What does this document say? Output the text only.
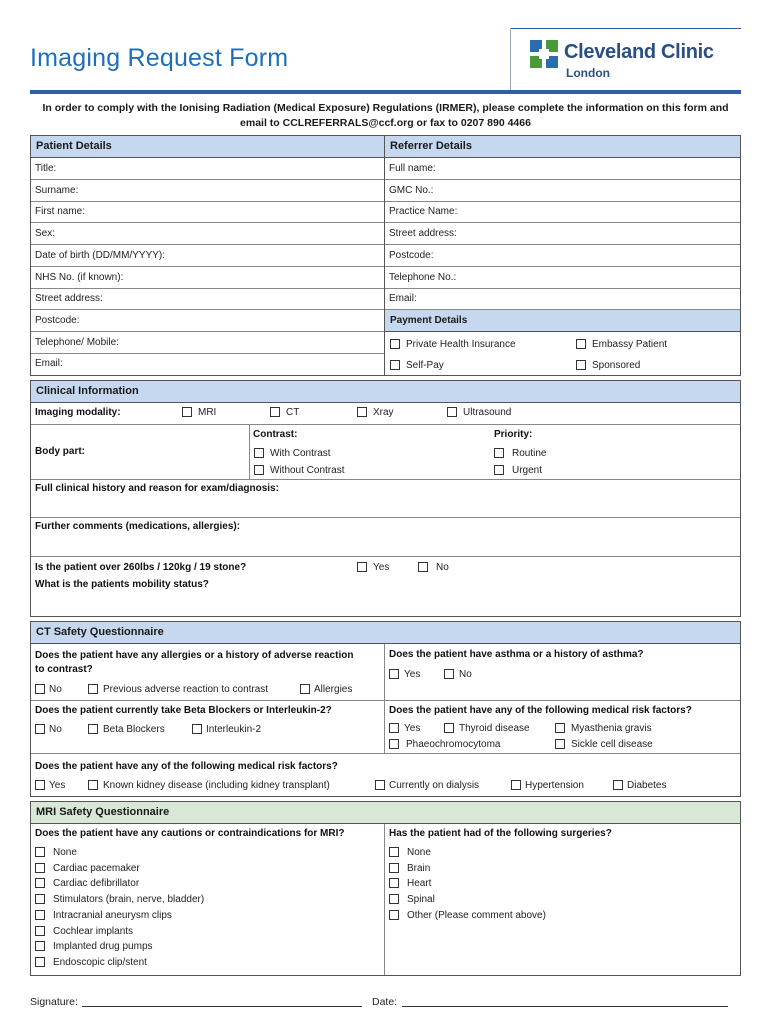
Imaging Request Form	Cleveland Clinic
London
In order to comply with the Ionising Radiation (Medical Exposure) Regulations (IRMER), please complete the information on this form and
email to CCLREFERRALS@ccf.org or fax to 0207 890 4466
Patient Details	Referrer Details
Title:
Surname:
First name:
Sex:
Date of birth (DD/MM/YYYY):
NHS No. (if known):
Street address:
Postcode:
Telephone/ Mobile:
Email:
Full name:
GMC No.:
Practice Name:
Street address:
Postcode:
Telephone No.:
Email:
Payment Details
Private Health Insurance	Embassy Patient
Self-Pay	Sponsored
Clinical Information
Imaging modality:	MRI	CT	Xray	Ultrasound
Body part:
Contrast:
With Contrast
Without Contrast
Priority:
Routine
Urgent
Full clinical history and reason for exam/diagnosis:
Further comments (medications, allergies):
Is the patient over 260lbs / 120kg / 19 stone?	Yes	No
What is the patients mobility status?
CT Safety Questionnaire
Does the patient have any allergies or a history of adverse reaction
to contrast?
No	Previous adverse reaction to contrast	Allergies
Does the patient have asthma or a history of asthma?
Yes	No
Does the patient currently take Beta Blockers or Interleukin-2?
No	Beta Blockers	Interleukin-2
Does the patient have any of the following medical risk factors?
Yes	Thyroid disease	Myasthenia gravis
Phaeochromocytoma	Sickle cell disease
Does the patient have any of the following medical risk factors?
Yes	Known kidney disease (including kidney transplant)	Currently on dialysis	Hypertension	Diabetes
MRI Safety Questionnaire
Does the patient have any cautions or contraindications for MRI?	Has the patient had of the following surgeries?
None
Cardiac pacemaker
Cardiac defibrillator
Stimulators (brain, nerve, bladder)
Intracranial aneurysm clips
Cochlear implants
Implanted drug pumps
Endoscopic clip/stent
None
Brain
Heart
Spinal
Other (Please comment above)
Signature:	Date:
